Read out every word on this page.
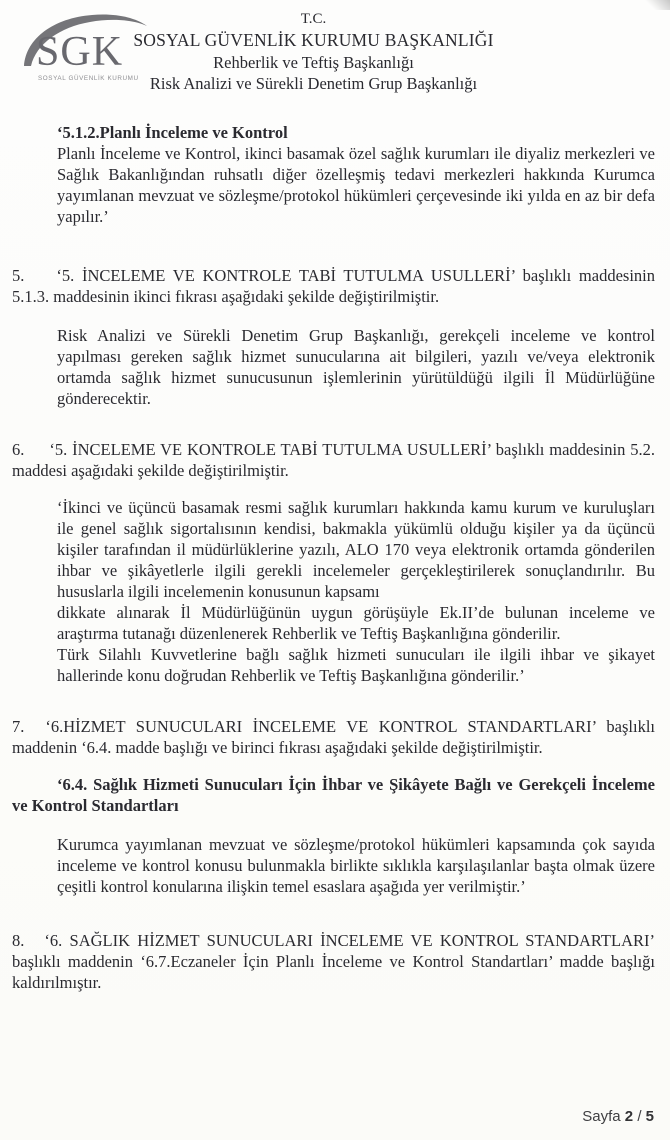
SGK
SOSYAL GÜVENLİK KURUMU
T.C.
SOSYAL GÜVENLİK KURUMU BAŞKANLIĞI
Rehberlik ve Teftiş Başkanlığı
Risk Analizi ve Sürekli Denetim Grup Başkanlığı

‘5.1.2.Planlı İnceleme ve Kontrol

Planlı İnceleme ve Kontrol, ikinci basamak özel sağlık kurumları ile diyaliz merkezleri ve Sağlık Bakanlığından ruhsatlı diğer özelleşmiş tedavi merkezleri hakkında Kurumca yayımlanan mevzuat ve sözleşme/protokol hükümleri çerçevesinde iki yılda en az bir defa yapılır.’

5. ‘5. İNCELEME VE KONTROLE TABİ TUTULMA USULLERİ’ başlıklı maddesinin 5.1.3. maddesinin ikinci fıkrası aşağıdaki şekilde değiştirilmiştir.

Risk Analizi ve Sürekli Denetim Grup Başkanlığı, gerekçeli inceleme ve kontrol yapılması gereken sağlık hizmet sunucularına ait bilgileri, yazılı ve/veya elektronik ortamda sağlık hizmet sunucusunun işlemlerinin yürütüldüğü ilgili İl Müdürlüğüne gönderecektir.

6. ‘5. İNCELEME VE KONTROLE TABİ TUTULMA USULLERİ’ başlıklı maddesinin 5.2. maddesi aşağıdaki şekilde değiştirilmiştir.

‘İkinci ve üçüncü basamak resmi sağlık kurumları hakkında kamu kurum ve kuruluşları ile genel sağlık sigortalısının kendisi, bakmakla yükümlü olduğu kişiler ya da üçüncü kişiler tarafından il müdürlüklerine yazılı, ALO 170 veya elektronik ortamda gönderilen ihbar ve şikâyetlerle ilgili gerekli incelemeler gerçekleştirilerek sonuçlandırılır. Bu hususlarla ilgili incelemenin konusunun kapsamı

dikkate alınarak İl Müdürlüğünün uygun görüşüyle Ek.II’de bulunan inceleme ve araştırma tutanağı düzenlenerek Rehberlik ve Teftiş Başkanlığına gönderilir.

Türk Silahlı Kuvvetlerine bağlı sağlık hizmeti sunucuları ile ilgili ihbar ve şikayet hallerinde konu doğrudan Rehberlik ve Teftiş Başkanlığına gönderilir.’

7. ‘6.HİZMET SUNUCULARI İNCELEME VE KONTROL STANDARTLARI’ başlıklı maddenin ‘6.4. madde başlığı ve birinci fıkrası aşağıdaki şekilde değiştirilmiştir.

‘6.4. Sağlık Hizmeti Sunucuları İçin İhbar ve Şikâyete Bağlı ve Gerekçeli İnceleme ve Kontrol Standartları

Kurumca yayımlanan mevzuat ve sözleşme/protokol hükümleri kapsamında çok sayıda inceleme ve kontrol konusu bulunmakla birlikte sıklıkla karşılaşılanlar başta olmak üzere çeşitli kontrol konularına ilişkin temel esaslara aşağıda yer verilmiştir.’

8. ‘6. SAĞLIK HİZMET SUNUCULARI İNCELEME VE KONTROL STANDARTLARI’ başlıklı maddenin ‘6.7.Eczaneler İçin Planlı İnceleme ve Kontrol Standartları’ madde başlığı kaldırılmıştır.

Sayfa 2 / 5
